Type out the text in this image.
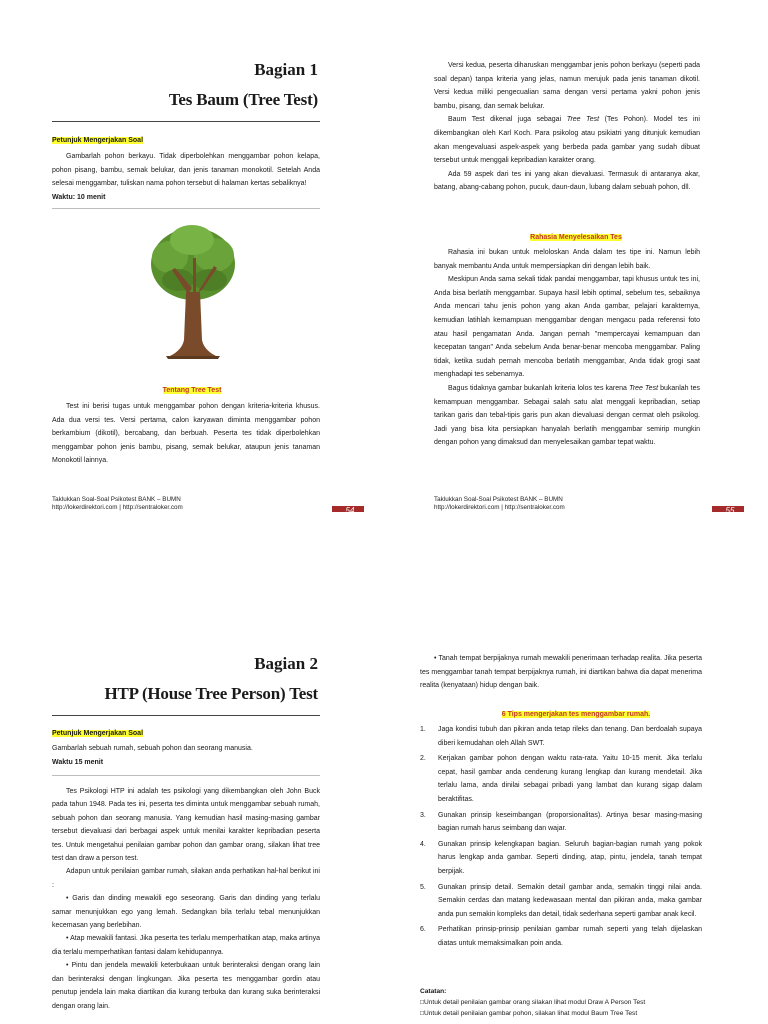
Bagian 1
Tes Baum (Tree Test)
Petunjuk Mengerjakan Soal

Gambarlah pohon berkayu. Tidak diperbolehkan menggambar pohon kelapa, pohon pisang, bambu, semak belukar, dan jenis tanaman monokotil. Setelah Anda selesai menggambar, tuliskan nama pohon tersebut di halaman kertas sebaliknya!

Waktu: 10 menit

Tentang Tree Test

Test ini berisi tugas untuk menggambar pohon dengan kriteria-kriteria khusus. Ada dua versi tes. Versi pertama, calon karyawan diminta menggambar pohon berkambium (dikotil), bercabang, dan berbuah. Peserta tes tidak diperbolehkan menggambar pohon jenis bambu, pisang, semak belukar, ataupun jenis tanaman Monokotil lainnya.

Taklukkan Soal-Soal Psikotest BANK – BUMN
http://lokerdirektori.com | http://sentraloker.com	54

Versi kedua, peserta diharuskan menggambar jenis pohon berkayu (seperti pada soal depan) tanpa kriteria yang jelas, namun merujuk pada jenis tanaman dikotil. Versi kedua miliki pengecualian sama dengan versi pertama yakni pohon jenis bambu, pisang, dan semak belukar.

Baum Test dikenal juga sebagai Tree Test (Tes Pohon). Model tes ini dikembangkan oleh Karl Koch. Para psikolog atau psikiatri yang ditunjuk kemudian akan mengevaluasi aspek-aspek yang berbeda pada gambar yang sudah dibuat tersebut untuk menggali kepribadian karakter orang.

Ada 59 aspek dari tes ini yang akan dievaluasi. Termasuk di antaranya akar, batang, abang-cabang pohon, pucuk, daun-daun, lubang dalam sebuah pohon, dll.

Rahasia Menyelesaikan Tes

Rahasia ini bukan untuk meloloskan Anda dalam tes tipe ini. Namun lebih banyak membantu Anda untuk mempersiapkan diri dengan lebih baik.

Meskipun Anda sama sekali tidak pandai menggambar, tapi khusus untuk tes ini, Anda bisa berlatih menggambar. Supaya hasil lebih optimal, sebelum tes, sebaiknya Anda mencari tahu jenis pohon yang akan Anda gambar, pelajari karakternya, kemudian latihlah kemampuan menggambar dengan mengacu pada referensi foto atau hasil pengamatan Anda. Jangan pernah "mempercayai kemampuan dan kecepatan tangan" Anda sebelum Anda benar-benar mencoba menggambar. Paling tidak, ketika sudah pernah mencoba berlatih menggambar, Anda tidak grogi saat menghadapi tes sebenarnya.

Bagus tidaknya gambar bukanlah kriteria lolos tes karena Tree Test bukanlah tes kemampuan menggambar. Sebagai salah satu alat menggali kepribadian, setiap tarikan garis dan tebal-tipis garis pun akan dievaluasi dengan cermat oleh psikolog. Jadi yang bisa kita persiapkan hanyalah berlatih menggambar semirip mungkin dengan pohon yang dimaksud dan menyelesaikan gambar tepat waktu.

Taklukkan Soal-Soal Psikotest BANK – BUMN
http://lokerdirektori.com | http://sentraloker.com	55
Bagian 2
HTP (House Tree Person) Test
Petunjuk Mengerjakan Soal

Gambarlah sebuah rumah, sebuah pohon dan seorang manusia.

Waktu 15 menit

Tes Psikologi HTP ini adalah tes psikologi yang dikembangkan oleh John Buck pada tahun 1948. Pada tes ini, peserta tes diminta untuk menggambar sebuah rumah, sebuah pohon dan seorang manusia. Yang kemudian hasil masing-masing gambar tersebut dievaluasi dari berbagai aspek untuk menilai karakter kepribadian peserta tes. Untuk mengetahui penilaian gambar pohon dan gambar orang, silakan lihat tree test dan draw a person test.

Adapun untuk penilaian gambar rumah, silakan anda perhatikan hal-hal berikut ini :

• Garis dan dinding mewakili ego seseorang. Garis dan dinding yang terlalu samar menunjukkan ego yang lemah. Sedangkan bila terlalu tebal menunjukkan kecemasan yang berlebihan.

• Atap mewakili fantasi. Jika peserta tes terlalu memperhatikan atap, maka artinya dia terlalu memperhatikan fantasi dalam kehidupannya.

• Pintu dan jendela mewakili keterbukaan untuk berinteraksi dengan orang lain dan berinteraksi dengan lingkungan. Jika peserta tes menggambar gordin atau penutup jendela lain maka diartikan dia kurang terbuka dan kurang suka berinteraksi dengan orang lain.

• Tanah tempat berpijaknya rumah mewakili penerimaan terhadap realita. Jika peserta tes menggambar tanah tempat berpijaknya rumah, ini diartikan bahwa dia dapat menerima realita (kenyataan) hidup dengan baik.

6 Tips mengerjakan tes menggambar rumah.
1. Jaga kondisi tubuh dan pikiran anda tetap rileks dan tenang. Dan berdoalah supaya diberi kemudahan oleh Allah SWT.
2. Kerjakan gambar pohon dengan waktu rata-rata. Yaitu 10-15 menit. Jika terlalu cepat, hasil gambar anda cenderung kurang lengkap dan kurang mendetail. Jika terlalu lama, anda dinilai sebagai pribadi yang lambat dan kurang sigap dalam beraktifitas.
3. Gunakan prinsip keseimbangan (proporsionalitas). Artinya besar masing-masing bagian rumah harus seimbang dan wajar.
4. Gunakan prinsip kelengkapan bagian. Seluruh bagian-bagian rumah yang pokok harus lengkap anda gambar. Seperti dinding, atap, pintu, jendela, tanah tempat berpijak.
5. Gunakan prinsip detail. Semakin detail gambar anda, semakin tinggi nilai anda. Semakin cerdas dan matang kedewasaan mental dan pikiran anda, maka gambar anda pun semakin kompleks dan detail, tidak sederhana seperti gambar anak kecil.
6. Perhatikan prinsip-prinsip penilaian gambar rumah seperti yang telah dijelaskan diatas untuk memaksimalkan poin anda.
Catatan:
□Untuk detail penilaian gambar orang silakan lihat modul Draw A Person Test
□Untuk detail penilaian gambar pohon, silakan lihat modul Baum Tree Test
